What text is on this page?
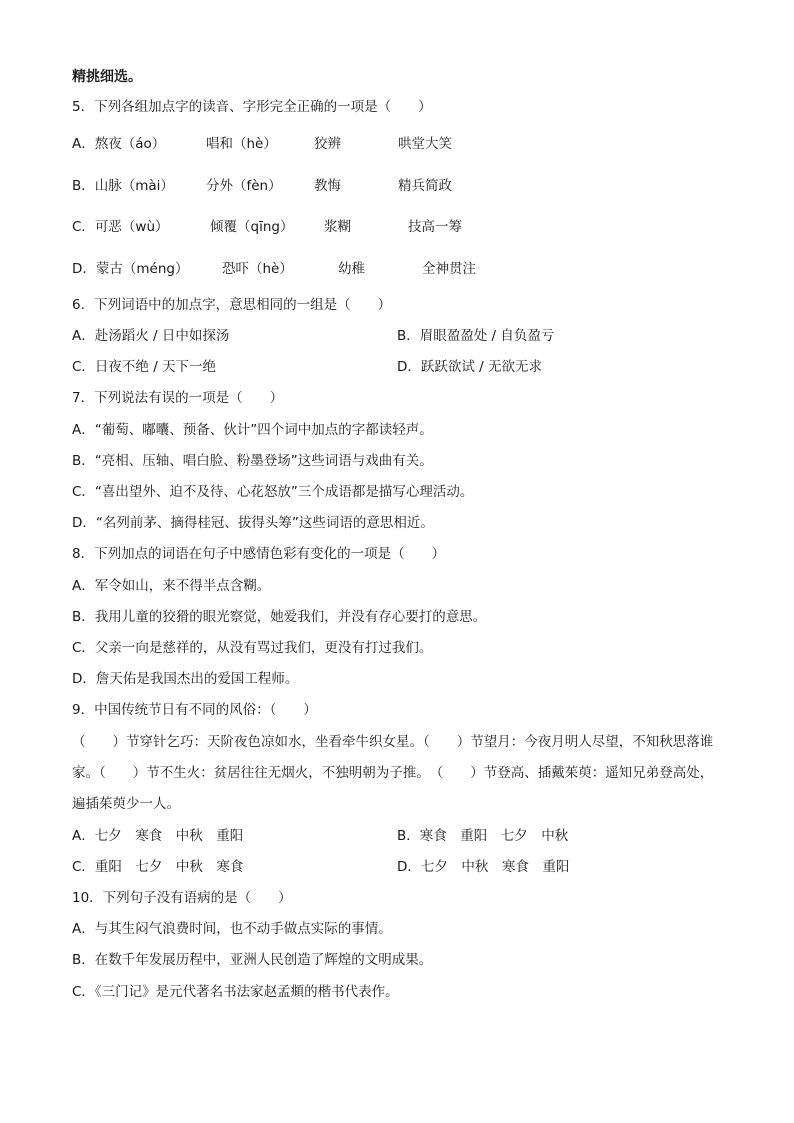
精挑细选。
5．下列各组加点字的读音、字形完全正确的一项是（　　）
A．熬夜（áo）	唱和（hè）	狡辨	哄堂大笑
B．山脉（mài） 分外（fèn） 教悔	精兵简政
C．可恶（wù）	倾覆（qīng） 浆糊	技高一筹
D．蒙古（méng） 恐吓（hè）	幼稚	全神贯注
6．下列词语中的加点字，意思相同的一组是（　　）
A．赴汤蹈火 / 日中如探汤	B．眉眼盈盈处 / 自负盈亏
C．日夜不绝 / 天下一绝	D．跃跃欲试 / 无欲无求
7．下列说法有误的一项是（　　）
A．“葡萄、嘟囔、预备、伙计”四个词中加点的字都读轻声。
B．“亮相、压轴、唱白脸、粉墨登场”这些词语与戏曲有关。
C．“喜出望外、迫不及待、心花怒放”三个成语都是描写心理活动。
D．“名列前茅、摘得桂冠、拔得头筹”这些词语的意思相近。
8．下列加点的词语在句子中感情色彩有变化的一项是（　　）
A．军令如山，来不得半点含糊。
B．我用儿童的狡猾的眼光察觉，她爱我们，并没有存心要打的意思。
C．父亲一向是慈祥的，从没有骂过我们，更没有打过我们。
D．詹天佑是我国杰出的爱国工程师。
9．中国传统节日有不同的风俗：（　　）
（　　）节穿针乞巧：天阶夜色凉如水，坐看牵牛织女星。（　　）节望月：今夜月明人尽望，不知秋思落谁家。（　　）节不生火：贫居往往无烟火，不独明朝为子推。　（　　）节登高、插戴茱萸：遥知兄弟登高处，遍插茱萸少一人。
A．七夕　寒食　中秋　重阳	B．寒食　重阳　七夕　中秋
C．重阳　七夕　中秋　寒食	D．七夕　中秋　寒食　重阳
10．下列句子没有语病的是（　　）
A．与其生闷气浪费时间，也不动手做点实际的事情。
B．在数千年发展历程中，亚洲人民创造了辉煌的文明成果。
C．《三门记》是元代著名书法家赵孟頫的楷书代表作。
